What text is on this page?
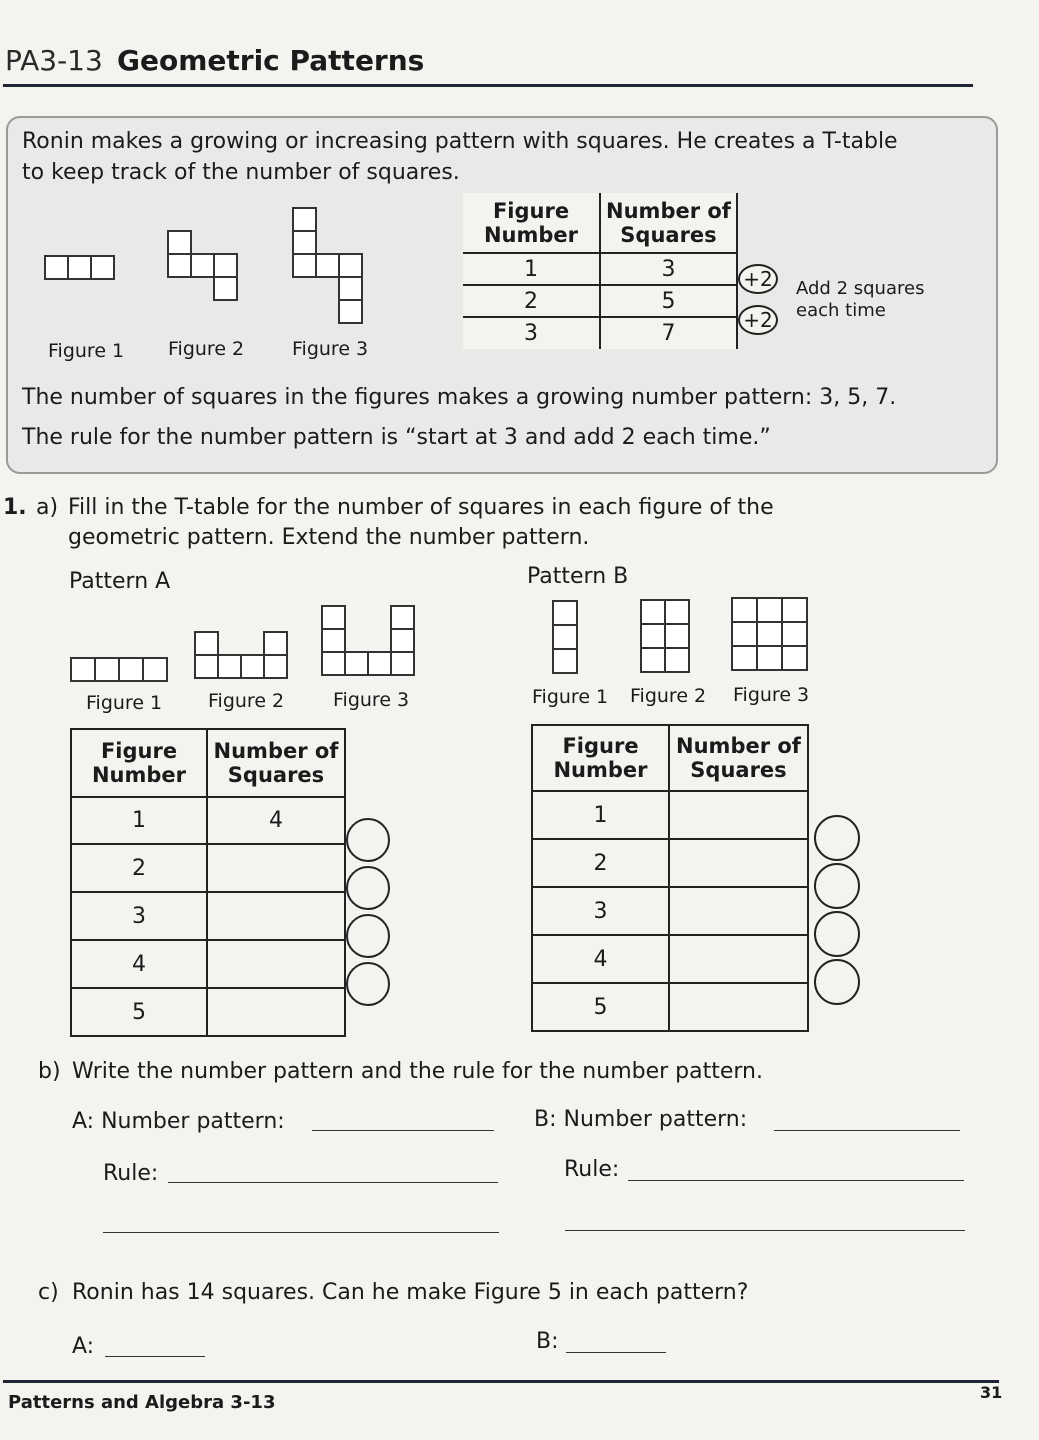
PA3-13 Geometric Patterns
Ronin makes a growing or increasing pattern with squares. He creates a T-table
to keep track of the number of squares.
Figure 1 Figure 2	Figure 3
Figure Number	Number of Squares
1	3
2	5
3	7
+2
+2
Add 2 squares
each time
The number of squares in the figures makes a growing number pattern: 3, 5, 7.
The rule for the number pattern is “start at 3 and add 2 each time.”
1. a) Fill in the T-table for the number of squares in each figure of the
geometric pattern. Extend the number pattern.
Pattern A	Pattern B
Figure 1 Figure 2	Figure 3	Figure 1 Figure 2 Figure 3
Figure Number	Number of Squares
1	4
2	
3	
4	
5	
Figure Number	Number of Squares
1	
2	
3	
4	
5	
b) Write the number pattern and the rule for the number pattern.
A: Number pattern:
Rule:
B: Number pattern:
Rule:
c) Ronin has 14 squares. Can he make Figure 5 in each pattern?
A:	B:
Patterns and Algebra 3-13	31
